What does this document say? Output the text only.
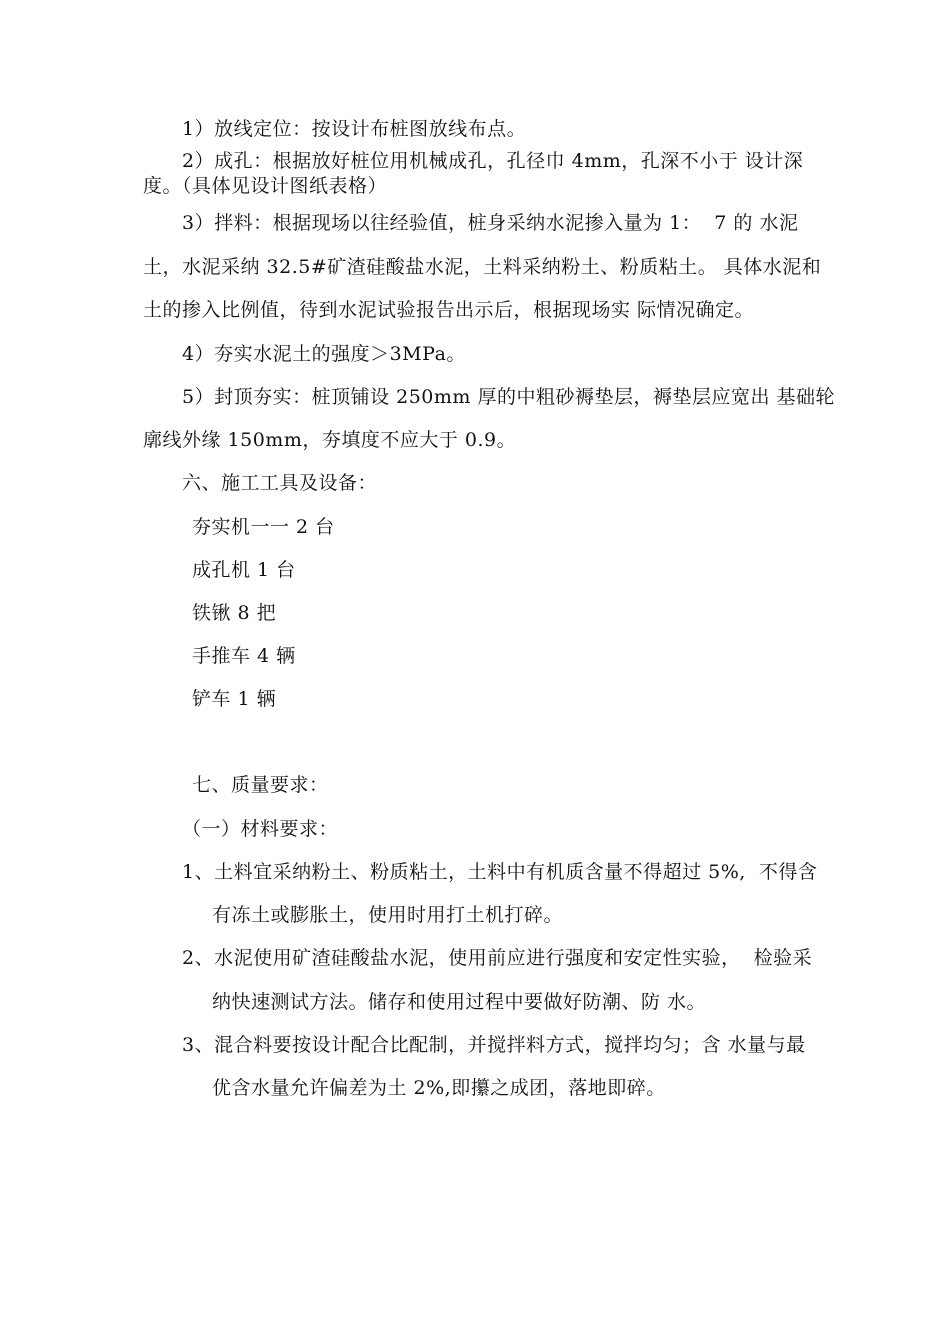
1）放线定位：按设计布桩图放线布点。
2）成孔：根据放好桩位用机械成孔，孔径巾 4mm，孔深不小于 设计深
度。（具体见设计图纸表格）
3）拌料：根据现场以往经验值，桩身采纳水泥掺入量为 1：  7 的 水泥
土，水泥采纳 32.5#矿渣硅酸盐水泥，土料采纳粉土、粉质粘土。 具体水泥和
土的掺入比例值，待到水泥试验报告出示后，根据现场实 际情况确定。
4）夯实水泥土的强度＞3MPa。
5）封顶夯实：桩顶铺设 250mm 厚的中粗砂褥垫层，褥垫层应宽出 基础轮
廓线外缘 150mm，夯填度不应大于 0.9。
六、施工工具及设备：
夯实机一一 2 台
成孔机 1 台
铁锹 8 把
手推车 4 辆
铲车 1 辆
七、质量要求：
（一）材料要求：
1、土料宜采纳粉土、粉质粘土，土料中有机质含量不得超过 5%,  不得含
有冻土或膨胀土，使用时用打土机打碎。
2、水泥使用矿渣硅酸盐水泥，使用前应进行强度和安定性实验，  检验采
纳快速测试方法。储存和使用过程中要做好防潮、防 水。
3、混合料要按设计配合比配制，并搅拌料方式，搅拌均匀；含 水量与最
优含水量允许偏差为土 2%,即攥之成团，落地即碎。
